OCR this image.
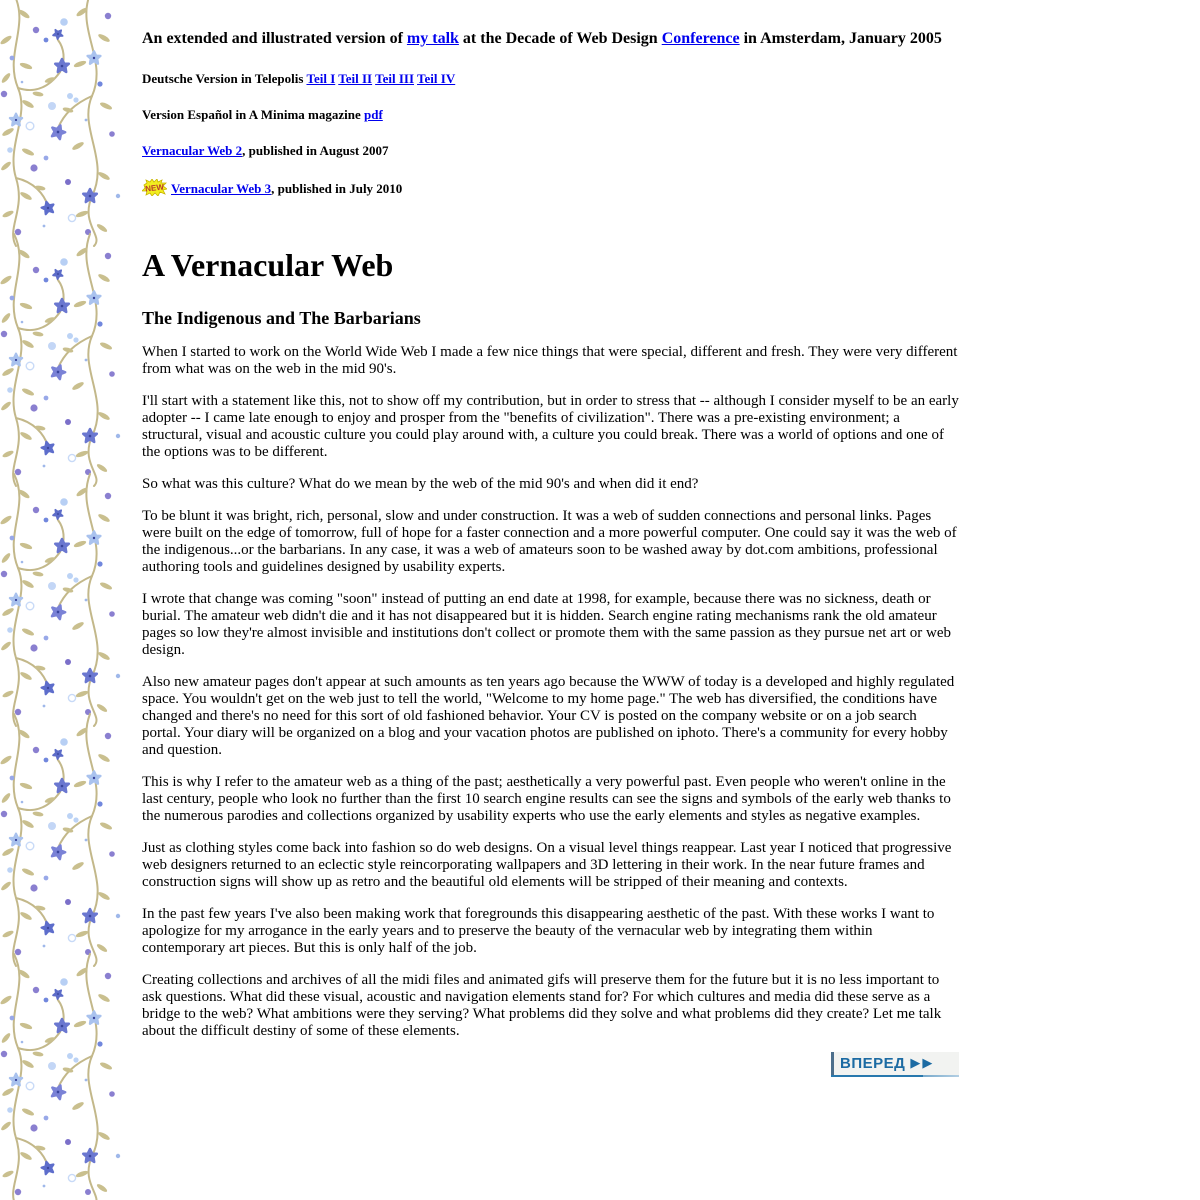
An extended and illustrated version of my talk at the Decade of Web Design Conference in Amsterdam, January 2005

Deutsche Version in Telepolis Teil I Teil II Teil III Teil IV

Version Español in A Minima magazine pdf

Vernacular Web 2, published in August 2007

NEW Vernacular Web 3, published in July 2010

A Vernacular Web
The Indigenous and The Barbarians

When I started to work on the World Wide Web I made a few nice things that were special, different and fresh. They were very different from what was on the web in the mid 90's.

I'll start with a statement like this, not to show off my contribution, but in order to stress that -- although I consider myself to be an early adopter -- I came late enough to enjoy and prosper from the "benefits of civilization". There was a pre-existing environment; a structural, visual and acoustic culture you could play around with, a culture you could break. There was a world of options and one of the options was to be different.

So what was this culture? What do we mean by the web of the mid 90's and when did it end?

To be blunt it was bright, rich, personal, slow and under construction. It was a web of sudden connections and personal links. Pages were built on the edge of tomorrow, full of hope for a faster connection and a more powerful computer. One could say it was the web of the indigenous...or the barbarians. In any case, it was a web of amateurs soon to be washed away by dot.com ambitions, professional authoring tools and guidelines designed by usability experts.

I wrote that change was coming "soon" instead of putting an end date at 1998, for example, because there was no sickness, death or burial. The amateur web didn't die and it has not disappeared but it is hidden. Search engine rating mechanisms rank the old amateur pages so low they're almost invisible and institutions don't collect or promote them with the same passion as they pursue net art or web design.

Also new amateur pages don't appear at such amounts as ten years ago because the WWW of today is a developed and highly regulated space. You wouldn't get on the web just to tell the world, "Welcome to my home page." The web has diversified, the conditions have changed and there's no need for this sort of old fashioned behavior. Your CV is posted on the company website or on a job search portal. Your diary will be organized on a blog and your vacation photos are published on iphoto. There's a community for every hobby and question.

This is why I refer to the amateur web as a thing of the past; aesthetically a very powerful past. Even people who weren't online in the last century, people who look no further than the first 10 search engine results can see the signs and symbols of the early web thanks to the numerous parodies and collections organized by usability experts who use the early elements and styles as negative examples.

Just as clothing styles come back into fashion so do web designs. On a visual level things reappear. Last year I noticed that progressive web designers returned to an eclectic style reincorporating wallpapers and 3D lettering in their work. In the near future frames and construction signs will show up as retro and the beautiful old elements will be stripped of their meaning and contexts.

In the past few years I've also been making work that foregrounds this disappearing aesthetic of the past. With these works I want to apologize for my arrogance in the early years and to preserve the beauty of the vernacular web by integrating them within contemporary art pieces. But this is only half of the job.

Creating collections and archives of all the midi files and animated gifs will preserve them for the future but it is no less important to ask questions. What did these visual, acoustic and navigation elements stand for? For which cultures and media did these serve as a bridge to the web? What ambitions were they serving? What problems did they solve and what problems did they create? Let me talk about the difficult destiny of some of these elements.

ВПЕРЕД ▶▶
